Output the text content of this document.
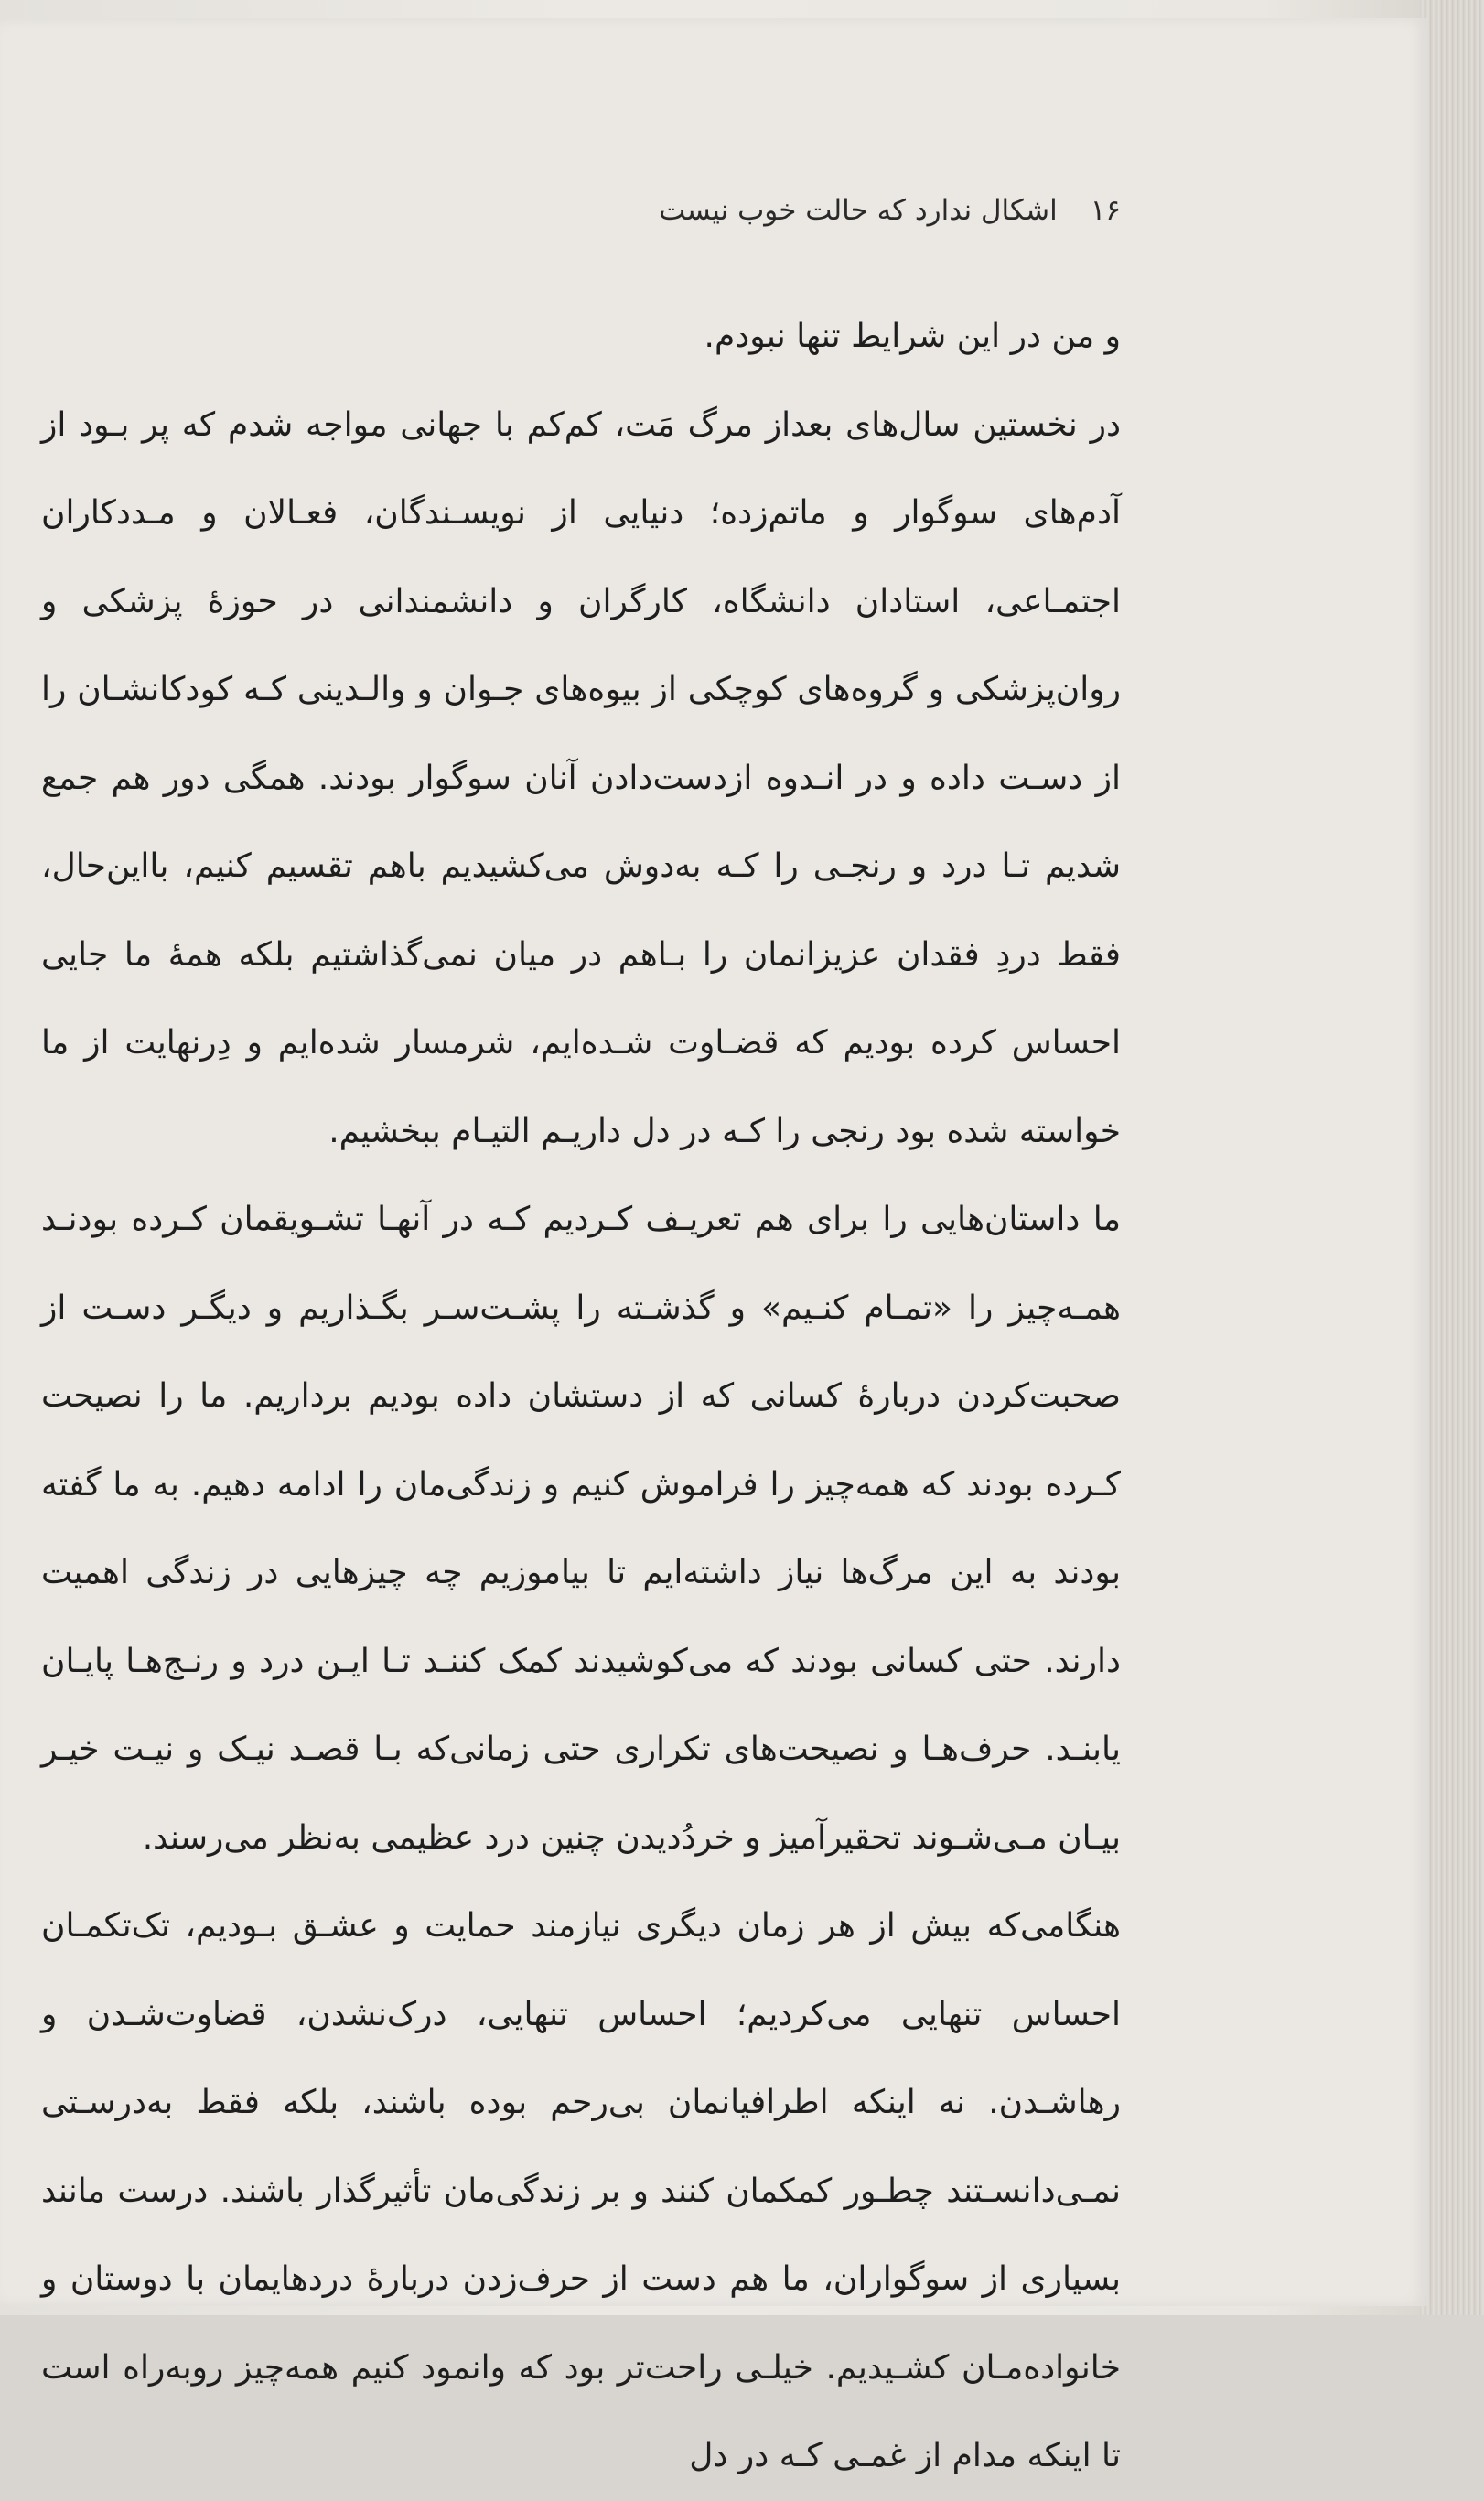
۱۶
اشکال ندارد که حالت خوب نیست

و من در این شرایط تنها نبودم.

در نخستین سال‌های بعداز مرگ مَت، کم‌کم با جهانی مواجه شدم که پر بـود از آدم‌های سوگوار و ماتم‌زده؛ دنیایی از نویسـندگان، فعـالان و مـددکاران اجتمـاعی، استادان دانشگاه، کارگران و دانشمندانی در حوزهٔ پزشکی و روان‌پزشکی و گروه‌های کوچکی از بیوه‌های جـوان و والـدینی کـه کودکانشـان را از دسـت داده و در انـدوه ازدست‌دادن آنان سوگوار بودند. همگی دور هم جمع شدیم تـا درد و رنجـی را کـه به‌دوش می‌کشیدیم باهم تقسیم کنیم، بااین‌حال، فقط دردِ فقدان عزیزانمان را بـاهم در میان نمی‌گذاشتیم بلکه همهٔ ما جایی احساس کرده بودیم که قضـاوت شـده‌ایم، شرمسار شده‌ایم و دِرنهایت از ما خواسته شده بود رنجی را کـه در دل داریـم التیـام ببخشیم.

ما داستان‌هایی را برای هم تعریـف کـردیم کـه در آنهـا تشـویقمان کـرده بودنـد همـه‌چیز را «تمـام کنـیم» و گذشـته را پشـت‌سـر بگـذاریم و دیگـر دسـت از صحبت‌کردن دربارهٔ کسانی که از دستشان داده بودیم برداریم. ما را نصیحت کـرده بودند که همه‌چیز را فراموش کنیم و زندگی‌مان را ادامه دهیم. به ما گفته بودند به این مرگ‌ها نیاز داشته‌ایم تا بیاموزیم چه چیزهایی در زندگی اهمیت دارند. حتی کسانی بودند که می‌کوشیدند کمک کننـد تـا ایـن درد و رنـج‌هـا پایـان یابنـد. حرف‌هـا و نصیحت‌های تکراری حتی زمانی‌که بـا قصـد نیـک و نیـت خیـر بیـان مـی‌شـوند تحقیرآمیز و خردُدیدن چنین درد عظیمی به‌نظر می‌رسند.

هنگامی‌که بیش از هر زمان دیگری نیازمند حمایت و عشـق بـودیم، تک‌تکمـان احساس تنهایی می‌کردیم؛ احساس تنهایی، درک‌نشدن، قضاوت‌شـدن و رهاشـدن. نه اینکه اطرافیانمان بی‌رحم بوده باشند، بلکه فقط به‌درسـتی نمـی‌دانسـتند چطـور کمکمان کنند و بر زندگی‌مان تأثیرگذار باشند. درست مانند بسیاری از سوگواران، ما هم دست از حرف‌زدن دربارهٔ دردهایمان با دوستان و خانواده‌مـان کشـیدیم. خیلـی راحت‌تر بود که وانمود کنیم همه‌چیز روبه‌راه است تا اینکه مدام از غمـی کـه در دل
